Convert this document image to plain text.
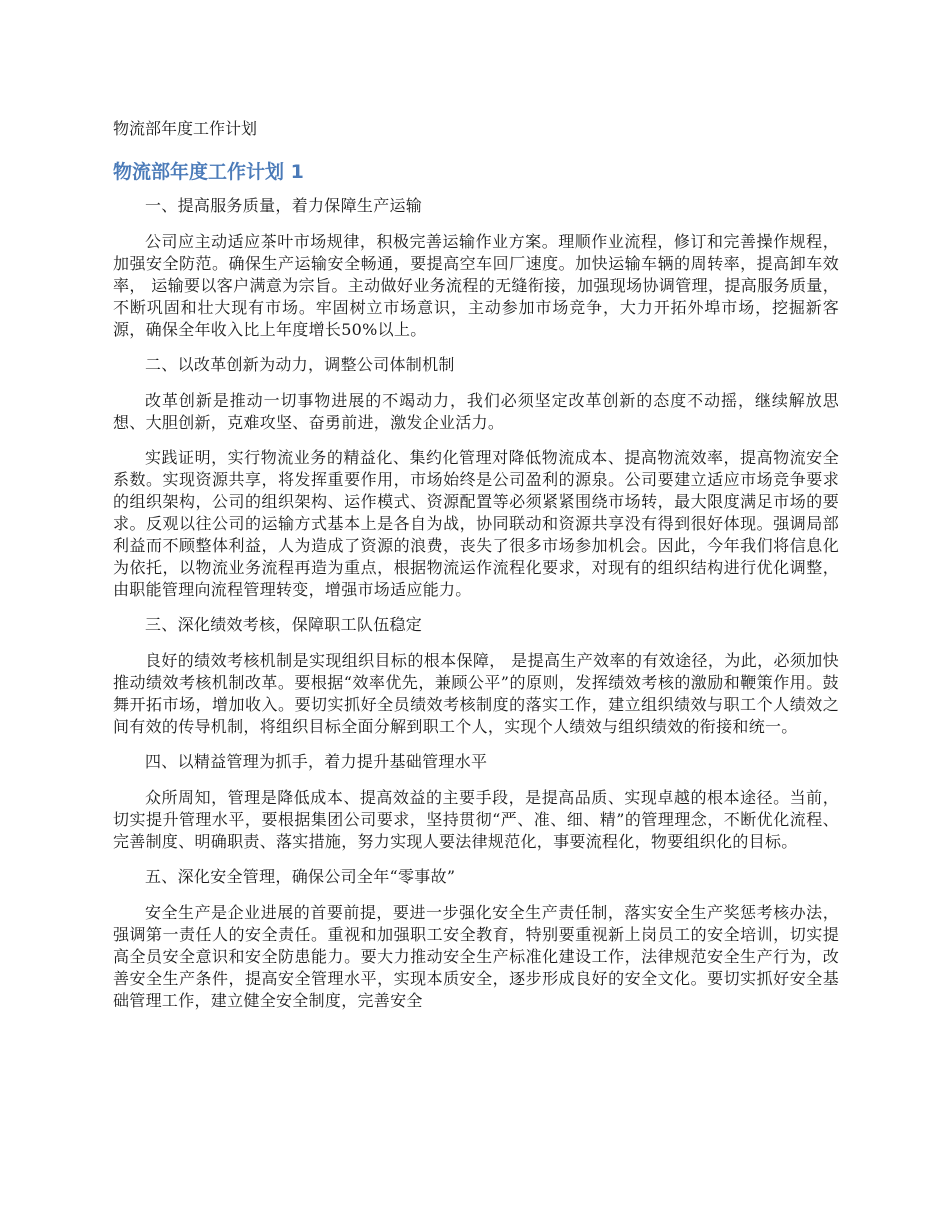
物流部年度工作计划
物流部年度工作计划 1

一、提高服务质量，着力保障生产运输

公司应主动适应茶叶市场规律，积极完善运输作业方案。理顺作业流程，修订和完善操作规程，加强安全防范。确保生产运输安全畅通，要提高空车回厂速度。加快运输车辆的周转率，提高卸车效率， 运输要以客户满意为宗旨。主动做好业务流程的无缝衔接，加强现场协调管理，提高服务质量，不断巩固和壮大现有市场。牢固树立市场意识，主动参加市场竞争，大力开拓外埠市场，挖掘新客源，确保全年收入比上年度增长50%以上。

二、以改革创新为动力，调整公司体制机制

改革创新是推动一切事物进展的不竭动力，我们必须坚定改革创新的态度不动摇，继续解放思想、大胆创新，克难攻坚、奋勇前进，激发企业活力。

实践证明，实行物流业务的精益化、集约化管理对降低物流成本、提高物流效率，提高物流安全系数。实现资源共享，将发挥重要作用，市场始终是公司盈利的源泉。公司要建立适应市场竞争要求的组织架构，公司的组织架构、运作模式、资源配置等必须紧紧围绕市场转，最大限度满足市场的要求。反观以往公司的运输方式基本上是各自为战，协同联动和资源共享没有得到很好体现。强调局部利益而不顾整体利益，人为造成了资源的浪费，丧失了很多市场参加机会。因此，今年我们将信息化为依托，以物流业务流程再造为重点，根据物流运作流程化要求，对现有的组织结构进行优化调整，由职能管理向流程管理转变，增强市场适应能力。

三、深化绩效考核，保障职工队伍稳定

良好的绩效考核机制是实现组织目标的根本保障， 是提高生产效率的有效途径，为此，必须加快推动绩效考核机制改革。要根据“效率优先，兼顾公平”的原则，发挥绩效考核的激励和鞭策作用。鼓舞开拓市场，增加收入。要切实抓好全员绩效考核制度的落实工作，建立组织绩效与职工个人绩效之间有效的传导机制，将组织目标全面分解到职工个人，实现个人绩效与组织绩效的衔接和统一。

四、以精益管理为抓手，着力提升基础管理水平

众所周知，管理是降低成本、提高效益的主要手段，是提高品质、实现卓越的根本途径。当前，切实提升管理水平，要根据集团公司要求，坚持贯彻“严、准、细、精”的管理理念，不断优化流程、完善制度、明确职责、落实措施，努力实现人要法律规范化，事要流程化，物要组织化的目标。

五、深化安全管理，确保公司全年“零事故”

安全生产是企业进展的首要前提，要进一步强化安全生产责任制，落实安全生产奖惩考核办法，强调第一责任人的安全责任。重视和加强职工安全教育，特别要重视新上岗员工的安全培训，切实提高全员安全意识和安全防患能力。要大力推动安全生产标准化建设工作，法律规范安全生产行为，改善安全生产条件，提高安全管理水平，实现本质安全，逐步形成良好的安全文化。要切实抓好安全基础管理工作，建立健全安全制度，完善安全
